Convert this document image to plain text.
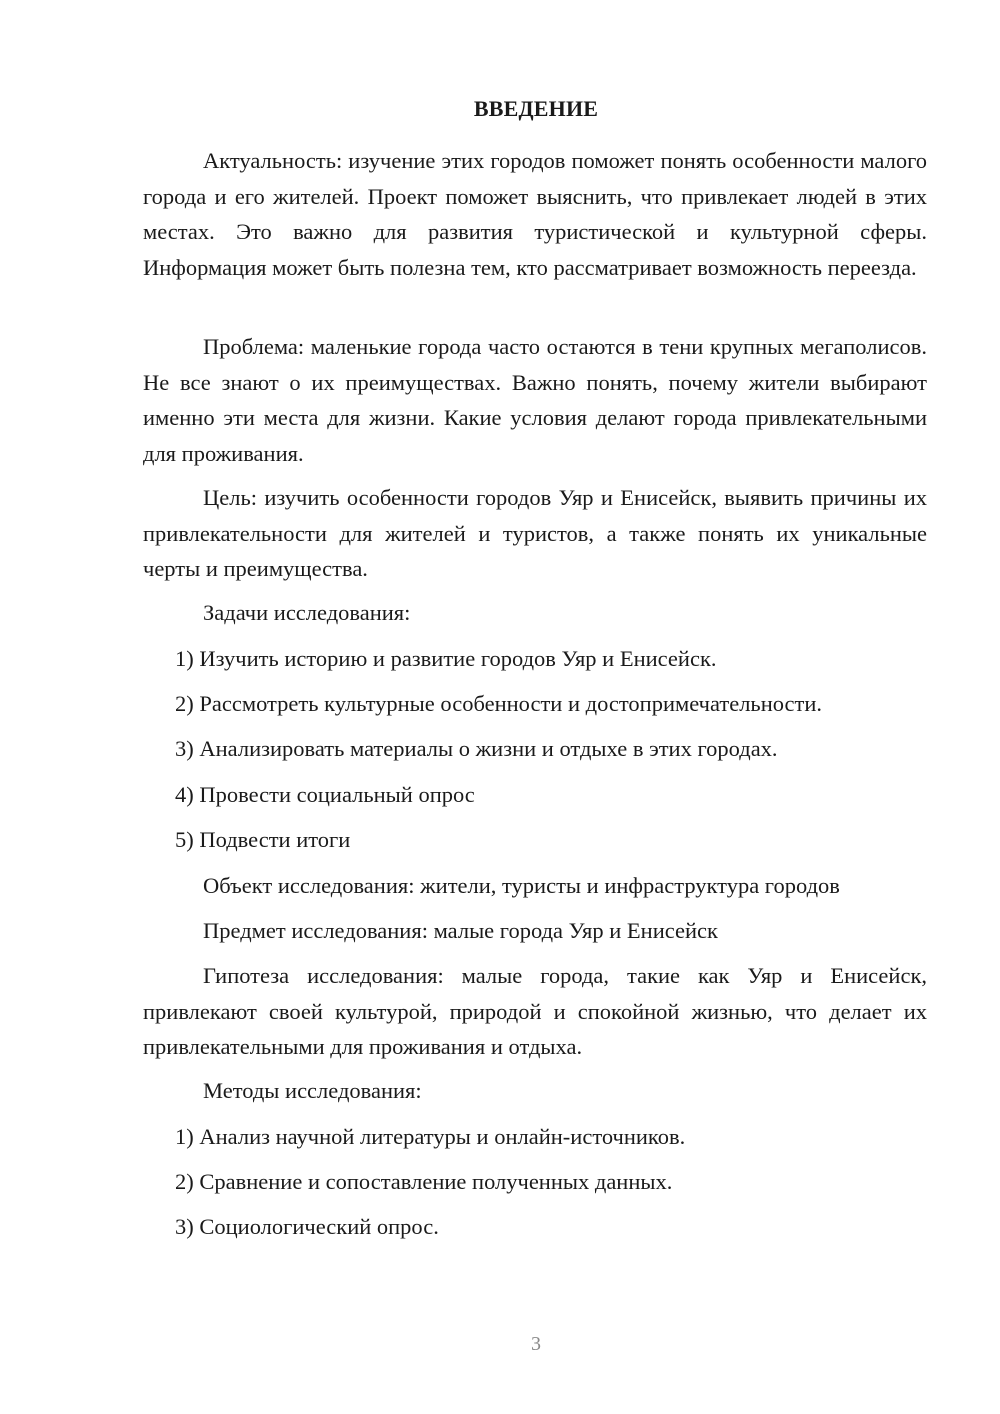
ВВЕДЕНИЕ

Актуальность: изучение этих городов поможет понять особенности малого города и его жителей. Проект поможет выяснить, что привлекает людей в этих местах. Это важно для развития туристической и культурной сферы. Информация может быть полезна тем, кто рассматривает возможность переезда.

Проблема: маленькие города часто остаются в тени крупных мегаполисов. Не все знают о их преимуществах. Важно понять, почему жители выбирают именно эти места для жизни. Какие условия делают города привлекательными для проживания.

Цель: изучить особенности городов Уяр и Енисейск, выявить причины их привлекательности для жителей и туристов, а также понять их уникальные черты и преимущества.

Задачи исследования:

1) Изучить историю и развитие городов Уяр и Енисейск.

2) Рассмотреть культурные особенности и достопримечательности.

3) Анализировать материалы о жизни и отдыхе в этих городах.

4) Провести социальный опрос

5) Подвести итоги

Объект исследования: жители, туристы и инфраструктура городов

Предмет исследования: малые города Уяр и Енисейск

Гипотеза исследования: малые города, такие как Уяр и Енисейск, привлекают своей культурой, природой и спокойной жизнью, что делает их привлекательными для проживания и отдыха.

Методы исследования:

1) Анализ научной литературы и онлайн-источников.

2) Сравнение и сопоставление полученных данных.

3) Социологический опрос.

3
